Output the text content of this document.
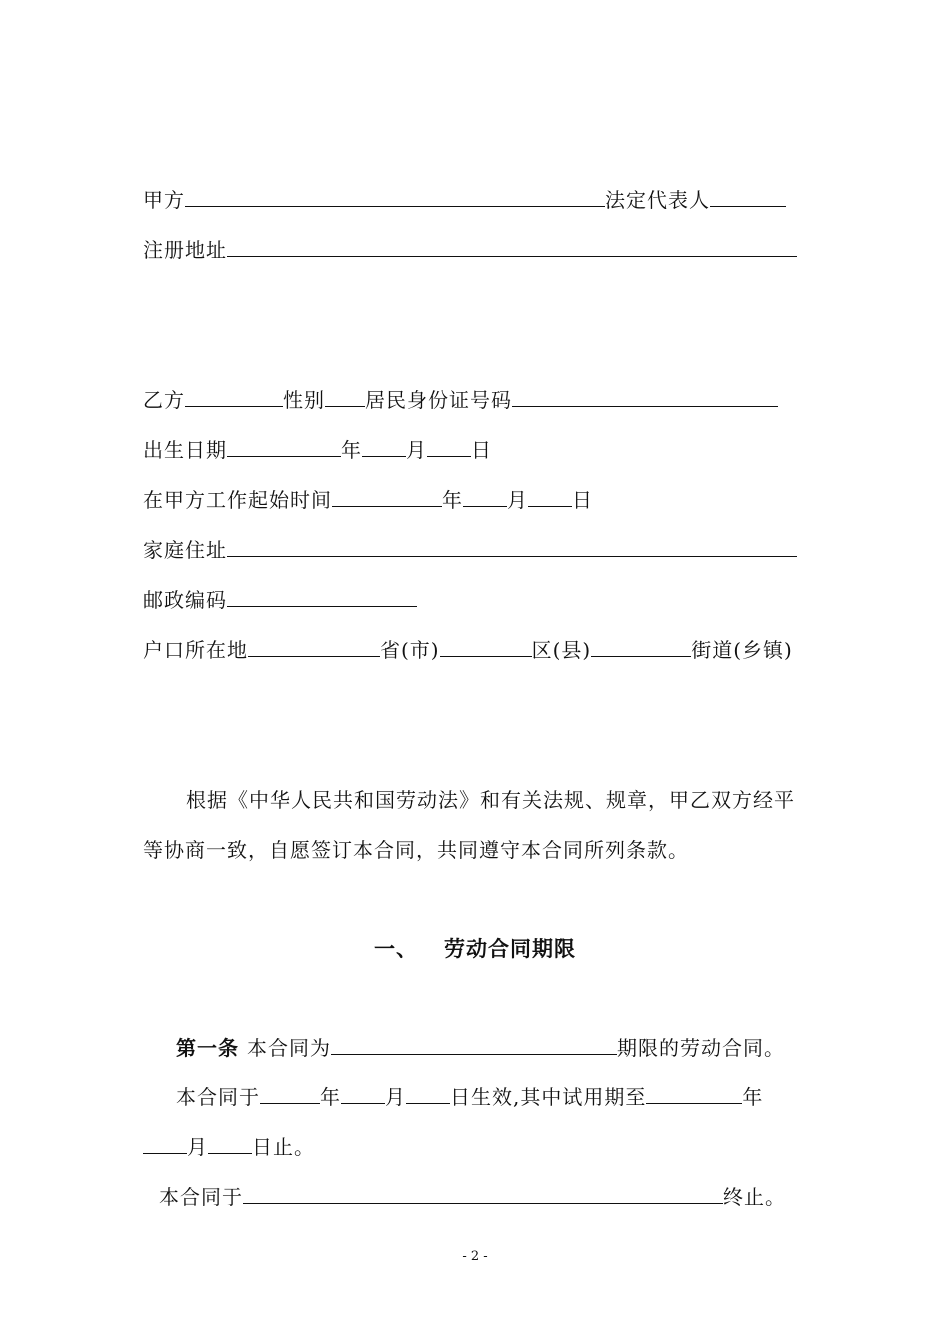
甲方	法定代表人
注册地址
乙方	性别 居民身份证号码
出生日期	年 月 日
在甲方工作起始时间	年 月 日
家庭住址
邮政编码
户口所在地	省(市)	区(县)	街道(乡镇)
根据《中华人民共和国劳动法》和有关法规、规章，甲乙双方经平
等协商一致，自愿签订本合同，共同遵守本合同所列条款。
一、 劳动合同期限
第一条 本合同为	期限的劳动合同。
本合同于	年 月 日生效,其中试用期至	年
月 日止。
本合同于	终止。
- 2 -
